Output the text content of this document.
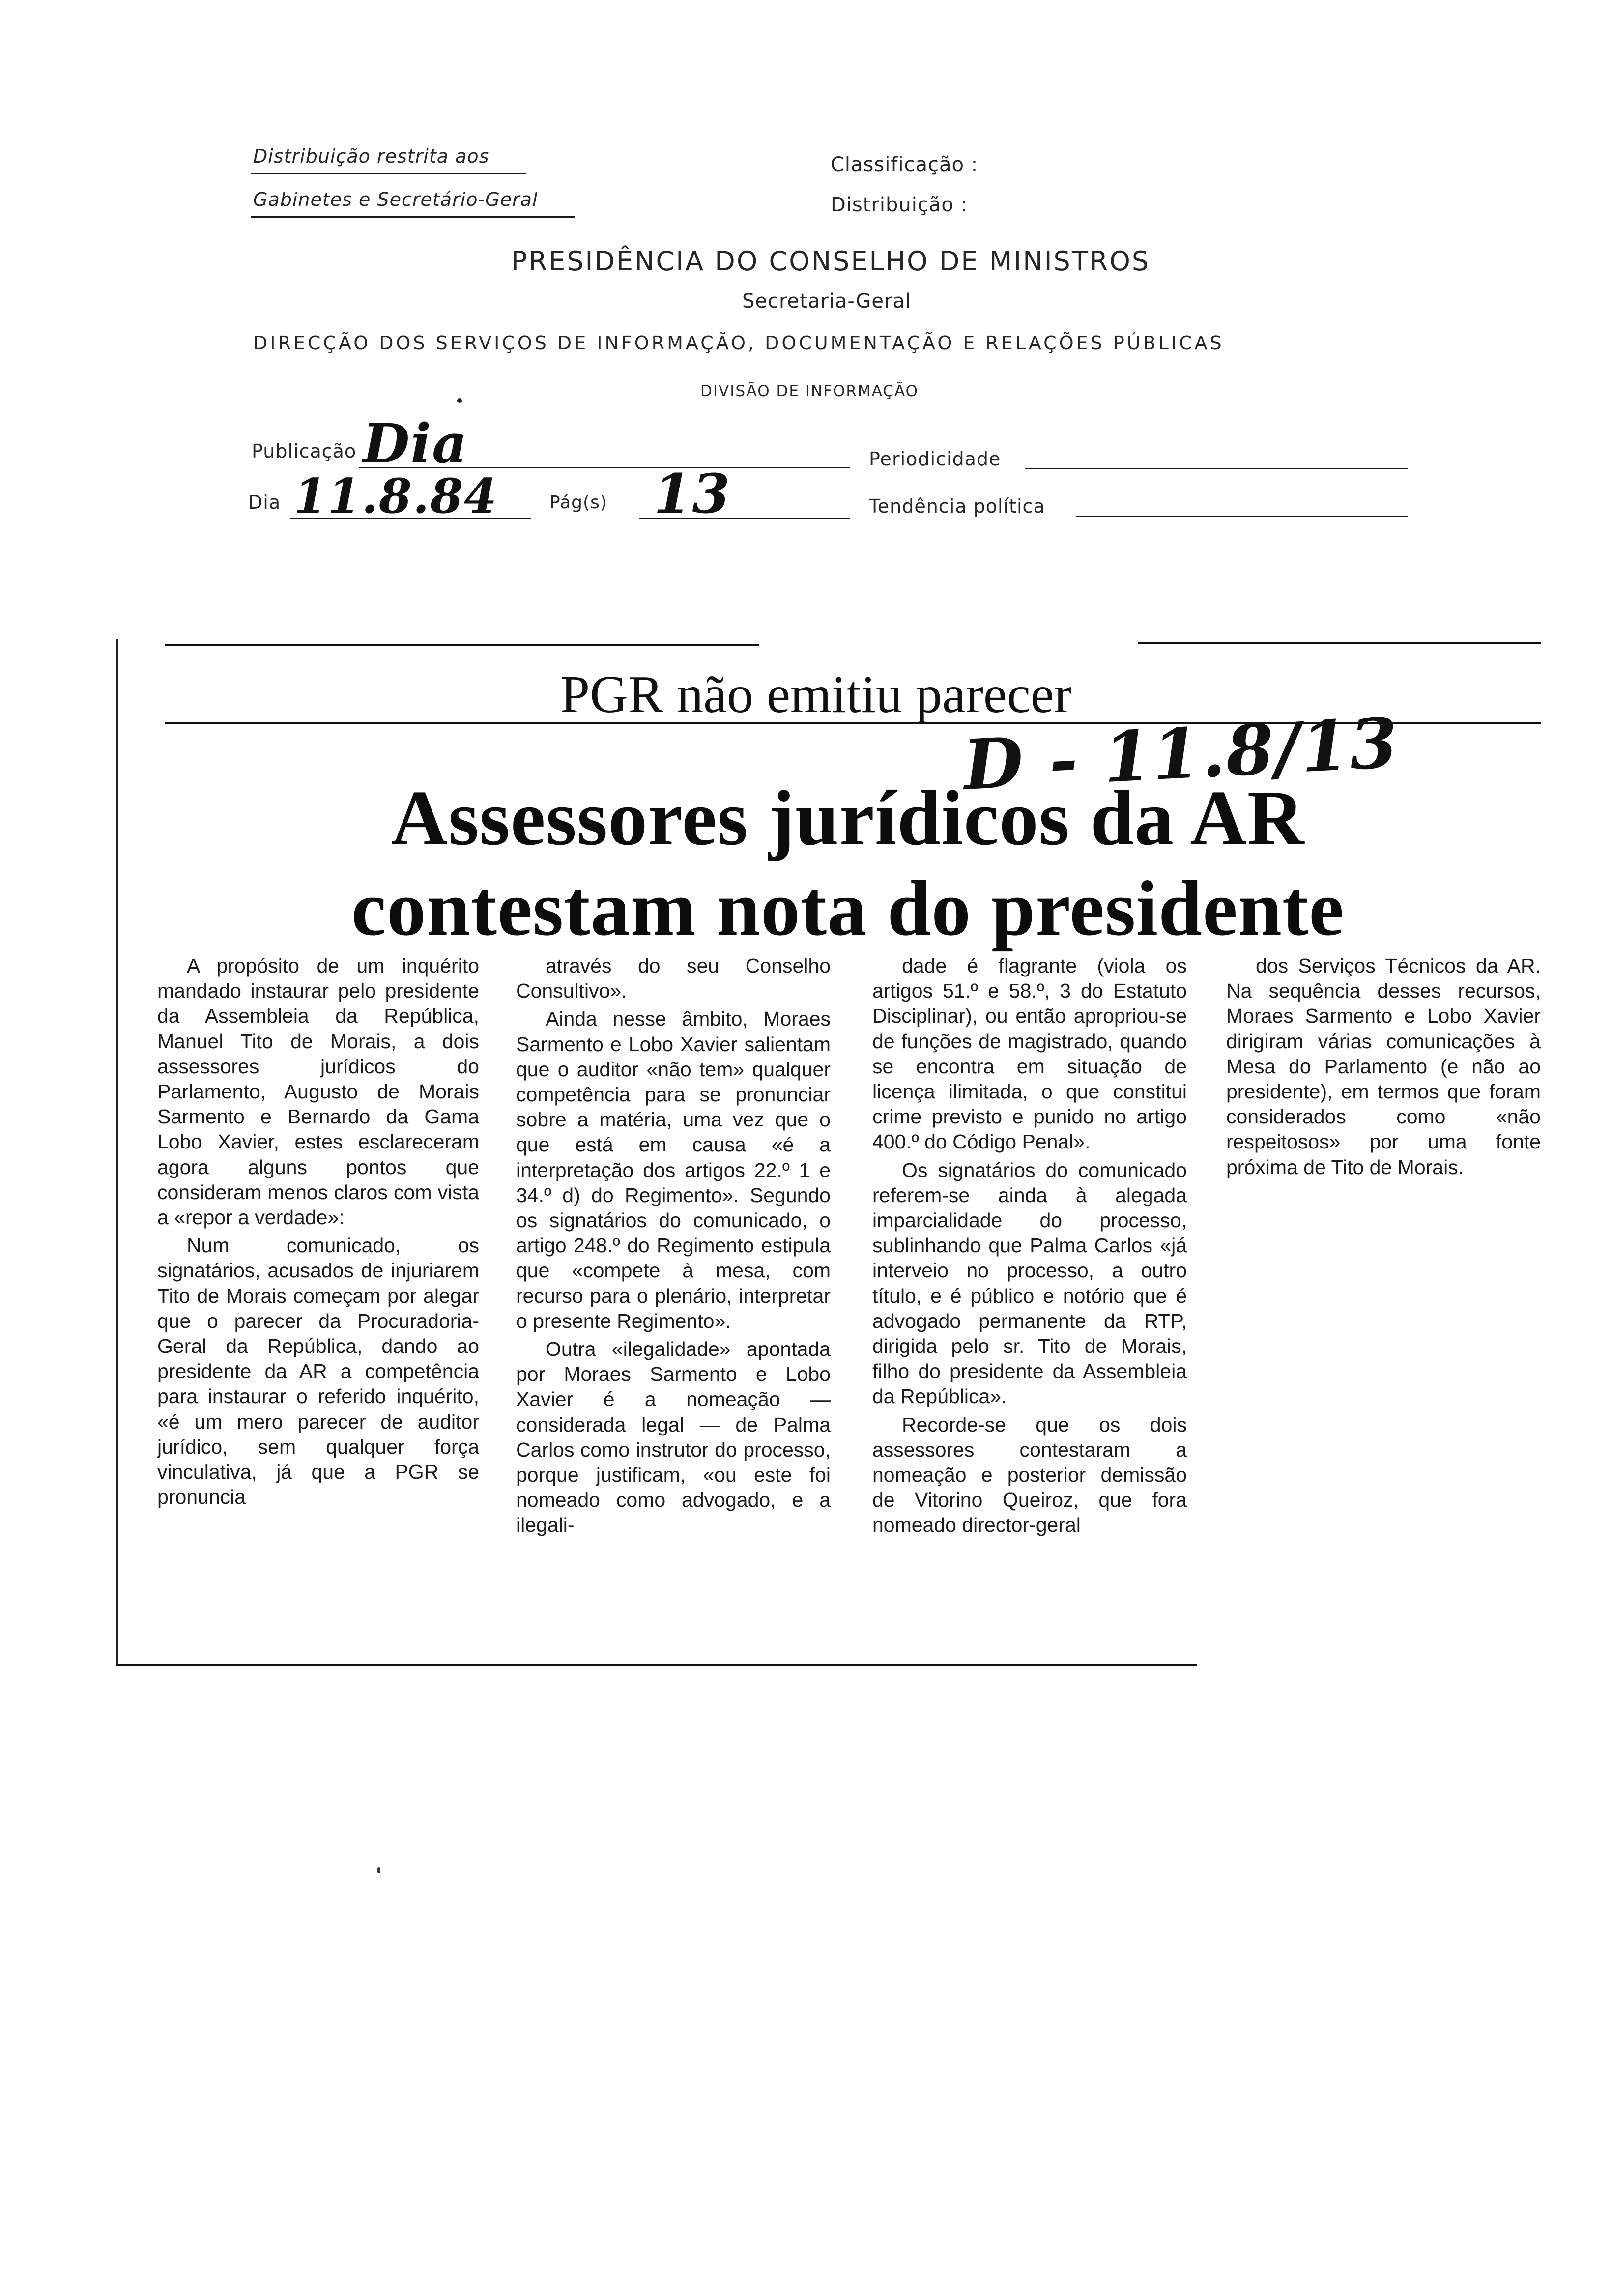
Distribuição restrita aos
Gabinetes e Secretário-Geral
Classificação :
Distribuição :
PRESIDÊNCIA DO CONSELHO DE MINISTROS
Secretaria-Geral
DIRECÇÃO DOS SERVIÇOS DE INFORMAÇÃO, DOCUMENTAÇÃO E RELAÇÕES PÚBLICAS
DIVISÃO DE INFORMAÇÃO
Publicação Dia
Dia 11.8.84	Pág(s) 13
Periodicidade
Tendência política
PGR não emitiu parecer
D - 11.8/13
Assessores jurídicos da AR
contestam nota do presidente

A propósito de um inquérito mandado instaurar pelo presidente da Assembleia da República, Manuel Tito de Morais, a dois assessores jurídicos do Parlamento, Augusto de Morais Sarmento e Bernardo da Gama Lobo Xavier, estes esclareceram agora alguns pontos que consideram menos claros com vista a «repor a verdade»:

Num comunicado, os signatários, acusados de injuriarem Tito de Morais começam por alegar que o parecer da Procuradoria-Geral da República, dando ao presidente da AR a competência para instaurar o referido inquérito, «é um mero parecer de auditor jurídico, sem qualquer força vinculativa, já que a PGR se pronuncia

através do seu Conselho Consultivo».

Ainda nesse âmbito, Moraes Sarmento e Lobo Xavier salientam que o auditor «não tem» qualquer competência para se pronunciar sobre a matéria, uma vez que o que está em causa «é a interpretação dos artigos 22.º 1 e 34.º d) do Regimento». Segundo os signatários do comunicado, o artigo 248.º do Regimento estipula que «compete à mesa, com recurso para o plenário, interpretar o presente Regimento».

Outra «ilegalidade» apontada por Moraes Sarmento e Lobo Xavier é a nomeação — considerada legal — de Palma Carlos como instrutor do processo, porque justificam, «ou este foi nomeado como advogado, e a ilegali-

dade é flagrante (viola os artigos 51.º e 58.º, 3 do Estatuto Disciplinar), ou então apropriou-se de funções de magistrado, quando se encontra em situação de licença ilimitada, o que constitui crime previsto e punido no artigo 400.º do Código Penal».

Os signatários do comunicado referem-se ainda à alegada imparcialidade do processo, sublinhando que Palma Carlos «já interveio no processo, a outro título, e é público e notório que é advogado permanente da RTP, dirigida pelo sr. Tito de Morais, filho do presidente da Assembleia da República».

Recorde-se que os dois assessores contestaram a nomeação e posterior demissão de Vitorino Queiroz, que fora nomeado director-geral

dos Serviços Técnicos da AR. Na sequência desses recursos, Moraes Sarmento e Lobo Xavier dirigiram várias comunicações à Mesa do Parlamento (e não ao presidente), em termos que foram considerados como «não respeitosos» por uma fonte próxima de Tito de Morais.
